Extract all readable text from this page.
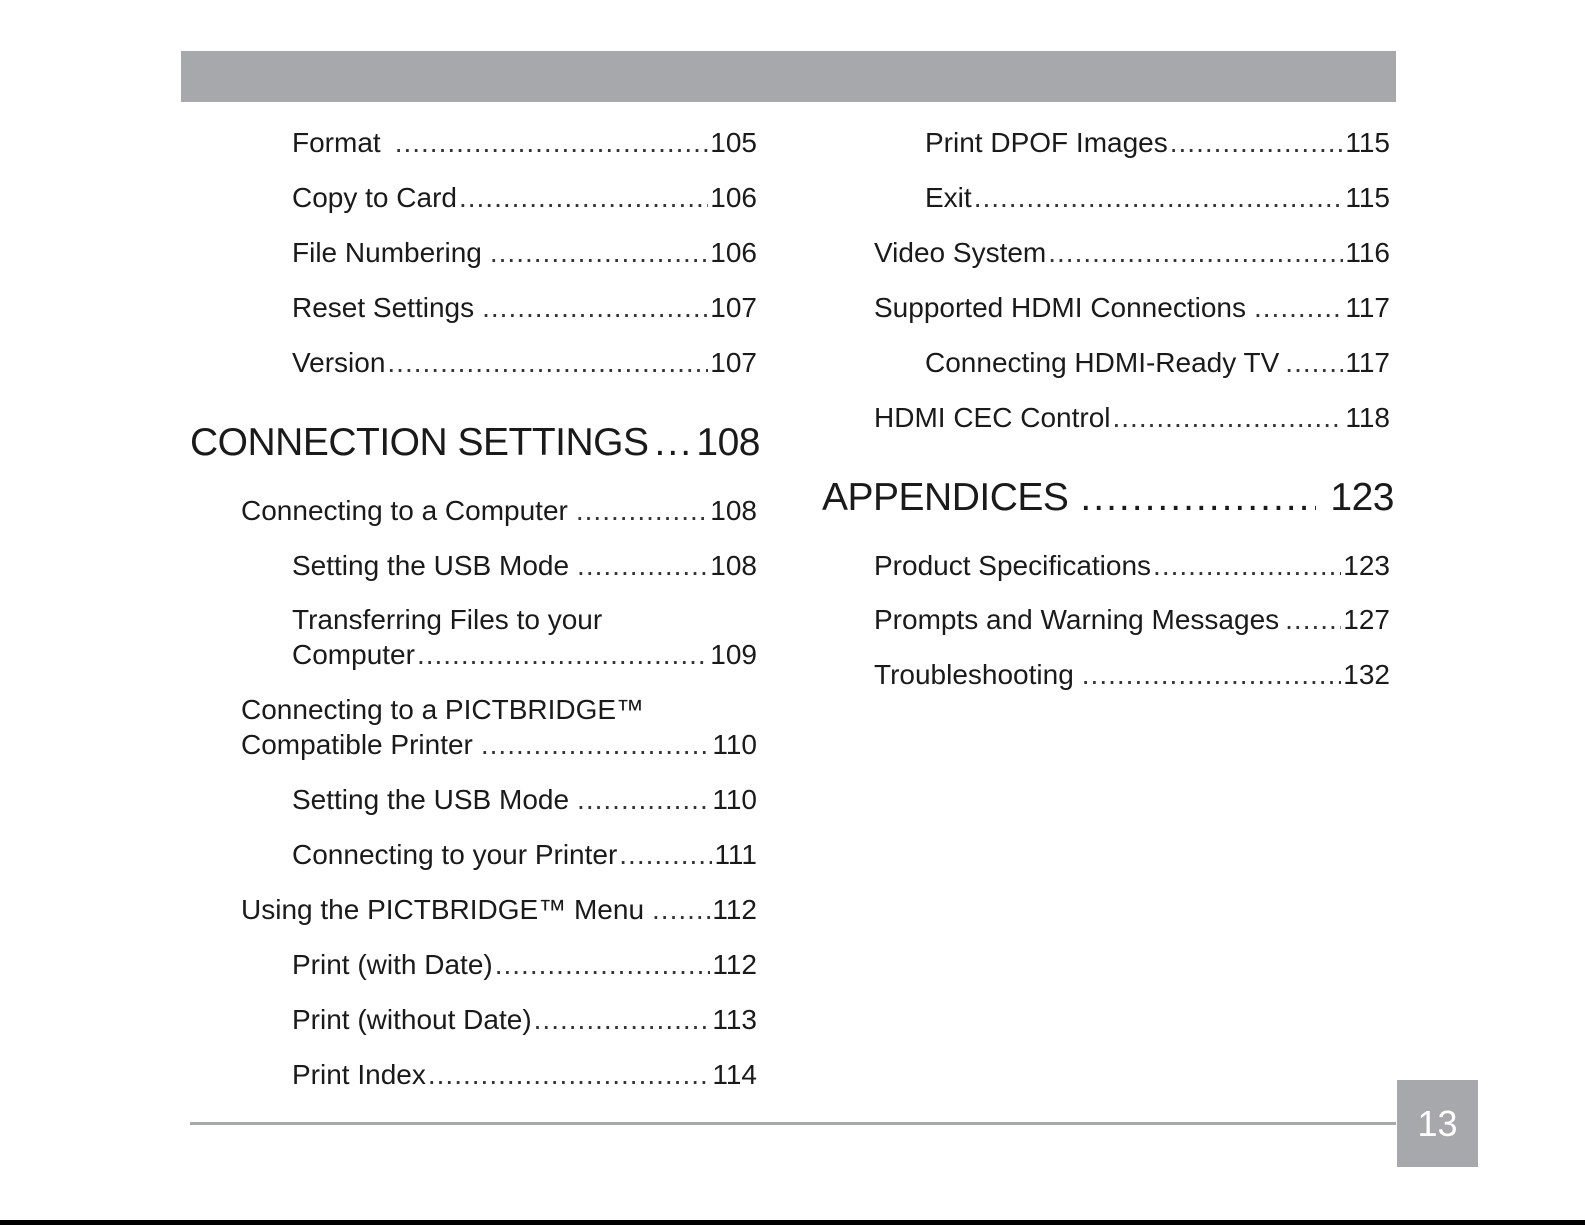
Format .....	105
Copy to Card .....	106
File Numbering .....	106
Reset Settings .....	107
Version .....	107
CONNECTION SETTINGS ..... 108
Connecting to a Computer .....	108
Setting the USB Mode .....	108
Transferring Files to your
Computer .....	109
Connecting to a PICTBRIDGE™
Compatible Printer .....	110
Setting the USB Mode .....	110
Connecting to your Printer .....	111
Using the PICTBRIDGE™ Menu ..... 112
Print (with Date) .....	112
Print (without Date) .....	113
Print Index .....	114
Print DPOF Images .....	115
Exit .....	115
Video System .....	116
Supported HDMI Connections .....	117
Connecting HDMI-Ready TV ..... 117
HDMI CEC Control .....	118
APPENDICES .....	123
Product Specifications .....	123
Prompts and Warning Messages ..... 127
Troubleshooting .....	132
13
